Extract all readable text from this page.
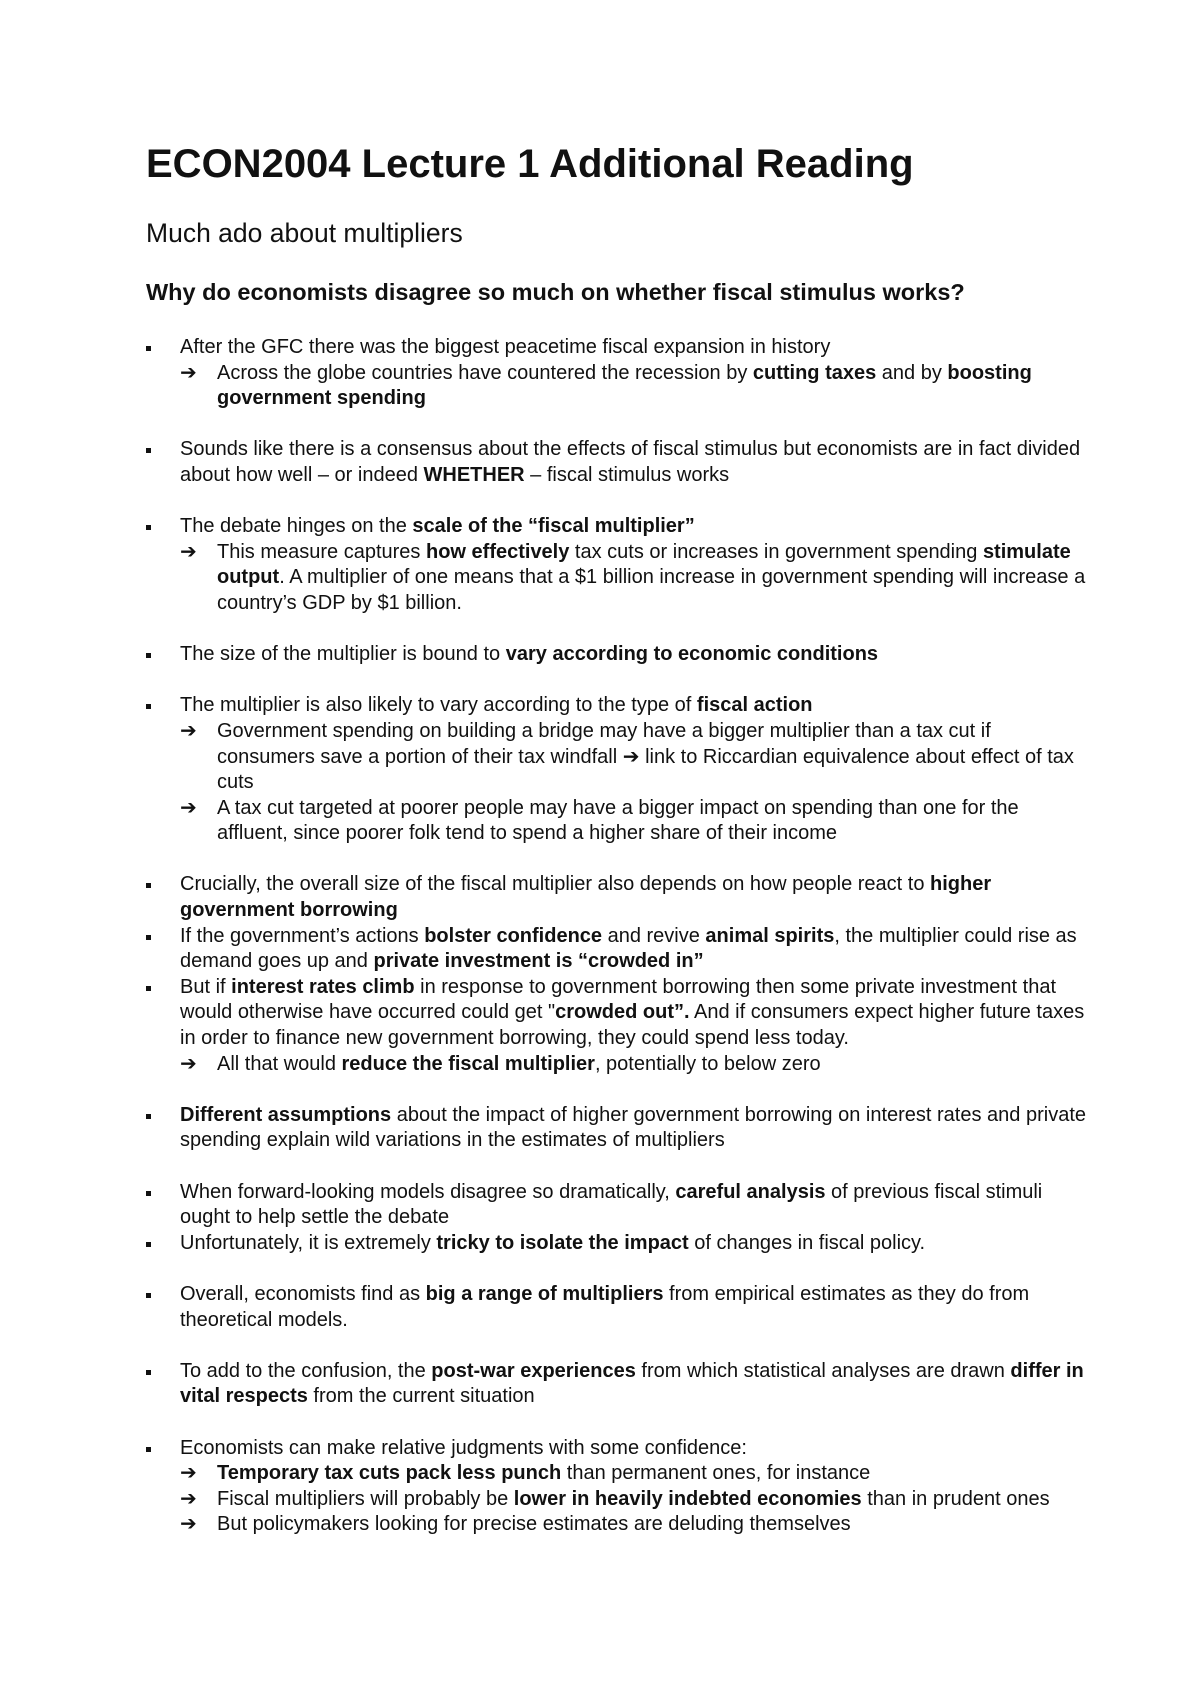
ECON2004 Lecture 1 Additional Reading
Much ado about multipliers
Why do economists disagree so much on whether fiscal stimulus works?
After the GFC there was the biggest peacetime fiscal expansion in history
➔ Across the globe countries have countered the recession by cutting taxes and by boosting government spending
Sounds like there is a consensus about the effects of fiscal stimulus but economists are in fact divided about how well – or indeed WHETHER – fiscal stimulus works
The debate hinges on the scale of the “fiscal multiplier”
➔ This measure captures how effectively tax cuts or increases in government spending stimulate output. A multiplier of one means that a $1 billion increase in government spending will increase a country’s GDP by $1 billion.
The size of the multiplier is bound to vary according to economic conditions
The multiplier is also likely to vary according to the type of fiscal action
➔ Government spending on building a bridge may have a bigger multiplier than a tax cut if consumers save a portion of their tax windfall ➔ link to Riccardian equivalence about effect of tax cuts
➔ A tax cut targeted at poorer people may have a bigger impact on spending than one for the affluent, since poorer folk tend to spend a higher share of their income
Crucially, the overall size of the fiscal multiplier also depends on how people react to higher government borrowing
If the government’s actions bolster confidence and revive animal spirits, the multiplier could rise as demand goes up and private investment is “crowded in”
But if interest rates climb in response to government borrowing then some private investment that would otherwise have occurred could get "crowded out”. And if consumers expect higher future taxes in order to finance new government borrowing, they could spend less today.
➔ All that would reduce the fiscal multiplier, potentially to below zero
Different assumptions about the impact of higher government borrowing on interest rates and private spending explain wild variations in the estimates of multipliers
When forward-looking models disagree so dramatically, careful analysis of previous fiscal stimuli ought to help settle the debate
Unfortunately, it is extremely tricky to isolate the impact of changes in fiscal policy.
Overall, economists find as big a range of multipliers from empirical estimates as they do from theoretical models.
To add to the confusion, the post-war experiences from which statistical analyses are drawn differ in vital respects from the current situation
Economists can make relative judgments with some confidence:
➔ Temporary tax cuts pack less punch than permanent ones, for instance
➔ Fiscal multipliers will probably be lower in heavily indebted economies than in prudent ones
➔ But policymakers looking for precise estimates are deluding themselves
